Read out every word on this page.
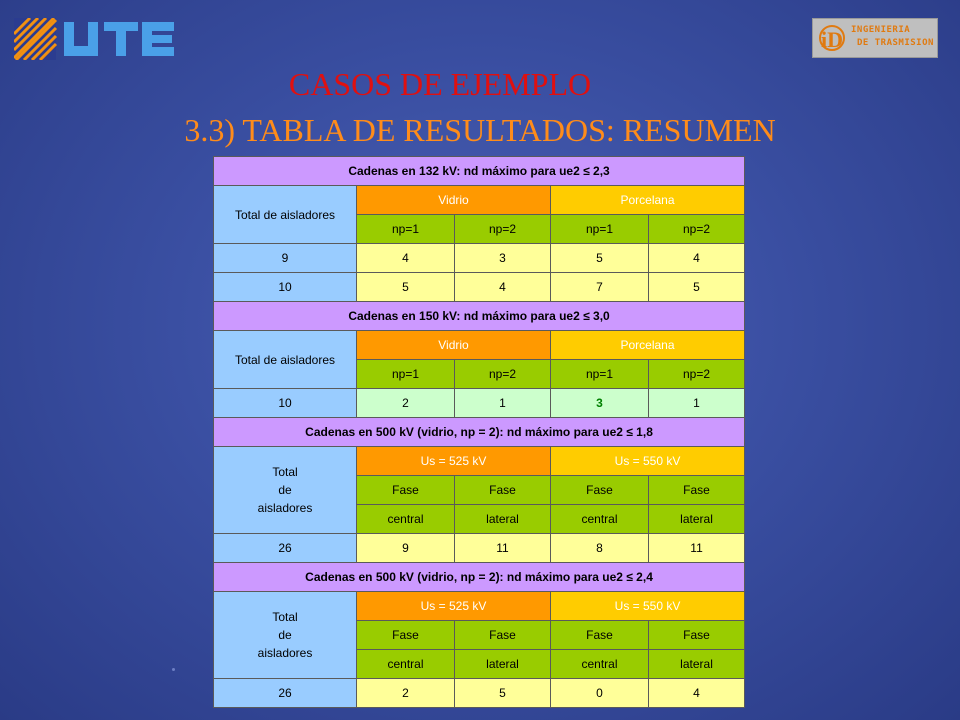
iD INGENIERIA
DE TRASMISION
CASOS DE EJEMPLO
3.3) TABLA DE RESULTADOS: RESUMEN
Cadenas en 132 kV: nd máximo para ue2 ≤ 2,3				
Total de aisladores	Vidrio		Porcelana	
	np=1	np=2	np=1	np=2
9	4	3	5	4
10	5	4	7	5
Cadenas en 150 kV: nd máximo para ue2 ≤ 3,0				
Total de aisladores	Vidrio		Porcelana	
	np=1	np=2	np=1	np=2
10	2	1	3	1
Cadenas en 500 kV (vidrio, np = 2): nd máximo para ue2 ≤ 1,8				

Total
de
aisladores	Us = 525 kV		Us = 550 kV	
	Fase	Fase	Fase	Fase
	central	lateral	central	lateral
26	9	11	8	11
Cadenas en 500 kV (vidrio, np = 2): nd máximo para ue2 ≤ 2,4				

Total
de
aisladores	Us = 525 kV		Us = 550 kV	
	Fase	Fase	Fase	Fase
	central	lateral	central	lateral
26	2	5	0	4
